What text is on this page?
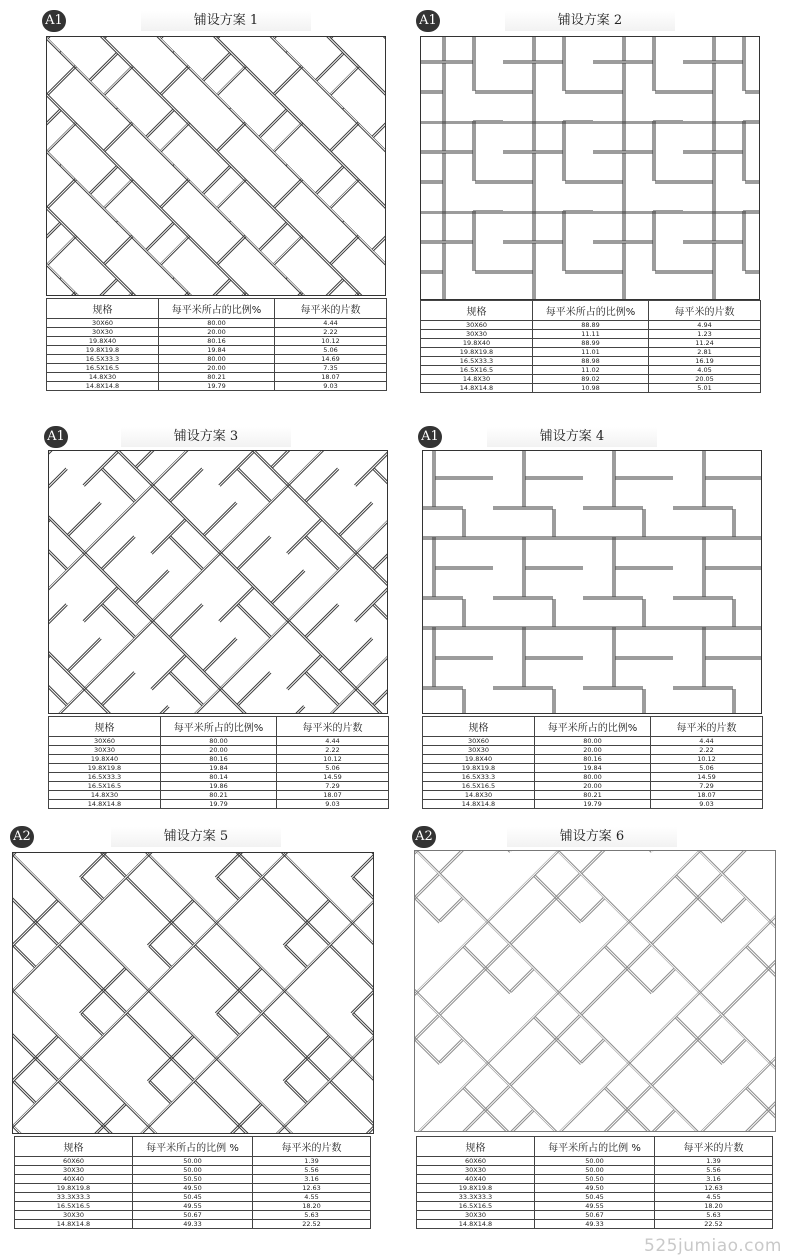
A1	铺设方案 1
规格	每平米所占的比例%	每平米的片数
30X60	80.00	4.44
30X30	20.00	2.22
19.8X40	80.16	10.12
19.8X19.8	19.84	5.06
16.5X33.3	80.00	14.69
16.5X16.5	20.00	7.35
14.8X30	80.21	18.07
14.8X14.8	19.79	9.03
A1	铺设方案 2
规格	每平米所占的比例%	每平米的片数
30X60	88.89	4.94
30X30	11.11	1.23
19.8X40	88.99	11.24
19.8X19.8	11.01	2.81
16.5X33.3	88.98	16.19
16.5X16.5	11.02	4.05
14.8X30	89.02	20.05
14.8X14.8	10.98	5.01
A1	铺设方案 3
规格	每平米所占的比例%	每平米的片数
30X60	80.00	4.44
30X30	20.00	2.22
19.8X40	80.16	10.12
19.8X19.8	19.84	5.06
16.5X33.3	80.14	14.59
16.5X16.5	19.86	7.29
14.8X30	80.21	18.07
14.8X14.8	19.79	9.03
A1	铺设方案 4
规格	每平米所占的比例%	每平米的片数
30X60	80.00	4.44
30X30	20.00	2.22
19.8X40	80.16	10.12
19.8X19.8	19.84	5.06
16.5X33.3	80.00	14.59
16.5X16.5	20.00	7.29
14.8X30	80.21	18.07
14.8X14.8	19.79	9.03
A2	铺设方案 5
规格	每平米所占的比例 %	每平米的片数
60X60	50.00	1.39
30X30	50.00	5.56
40X40	50.50	3.16
19.8X19.8	49.50	12.63
33.3X33.3	50.45	4.55
16.5X16.5	49.55	18.20
30X30	50.67	5.63
14.8X14.8	49.33	22.52
A2	铺设方案 6
规格	每平米所占的比例 %	每平米的片数
60X60	50.00	1.39
30X30	50.00	5.56
40X40	50.50	3.16
19.8X19.8	49.50	12.63
33.3X33.3	50.45	4.55
16.5X16.5	49.55	18.20
30X30	50.67	5.63
14.8X14.8	49.33	22.52
525jumiao.com
